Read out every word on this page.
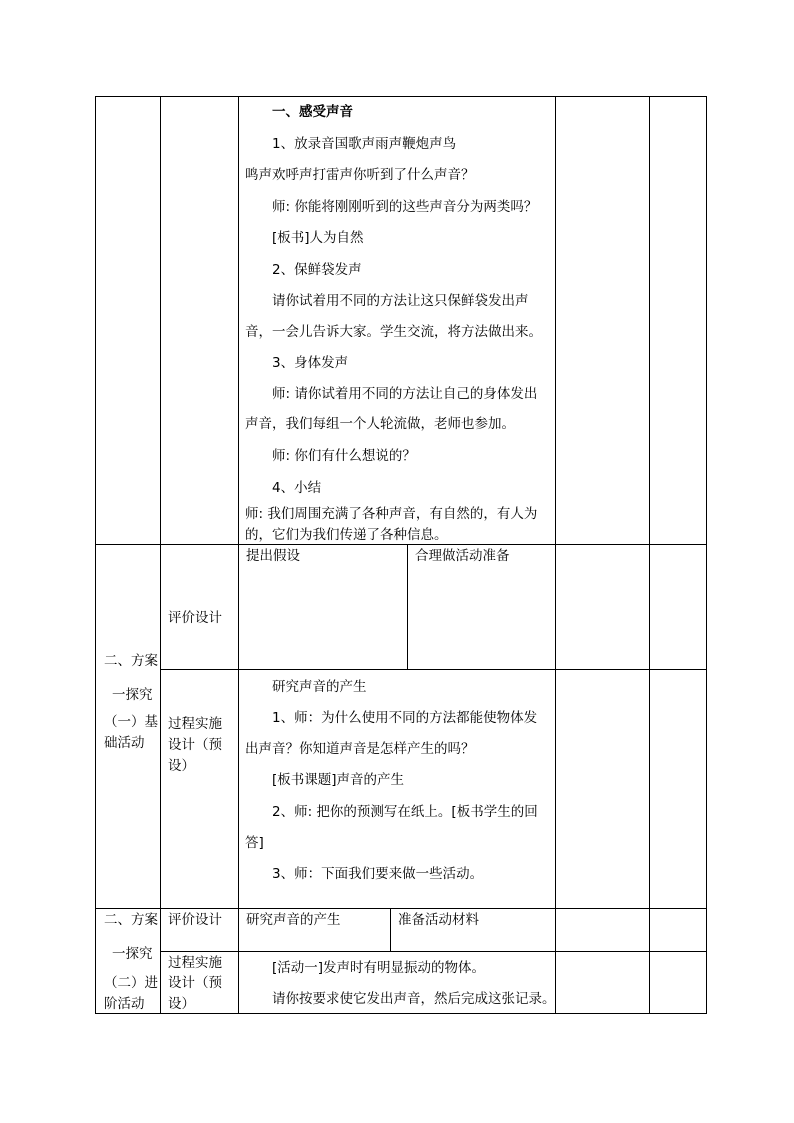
一、感受声音
1、放录音国歌声雨声鞭炮声鸟
鸣声欢呼声打雷声你听到了什么声音？
师: 你能将刚刚听到的这些声音分为两类吗？
[板书]人为自然
2、保鲜袋发声
请你试着用不同的方法让这只保鲜袋发出声
音，一会儿告诉大家。学生交流，将方法做出来。
3、身体发声
师: 请你试着用不同的方法让自己的身体发出
声音，我们每组一个人轮流做，老师也参加。
师: 你们有什么想说的？
4、小结
师: 我们周围充满了各种声音，有自然的，有人为
的，它们为我们传递了各种信息。
二、方案
一探究
（一）基
础活动
评价设计
提出假设	合理做活动准备
过程实施
设计（预
设）
研究声音的产生
1、师：为什么使用不同的方法都能使物体发
出声音？你知道声音是怎样产生的吗？
[板书课题]声音的产生
2、师: 把你的预测写在纸上。[板书学生的回
答]
3、师：下面我们要来做一些活动。
二、方案
一探究
（二）进
阶活动
评价设计 研究声音的产生	准备活动材料
过程实施
设计（预
设）
[活动一]发声时有明显振动的物体。
请你按要求使它发出声音，然后完成这张记录。
